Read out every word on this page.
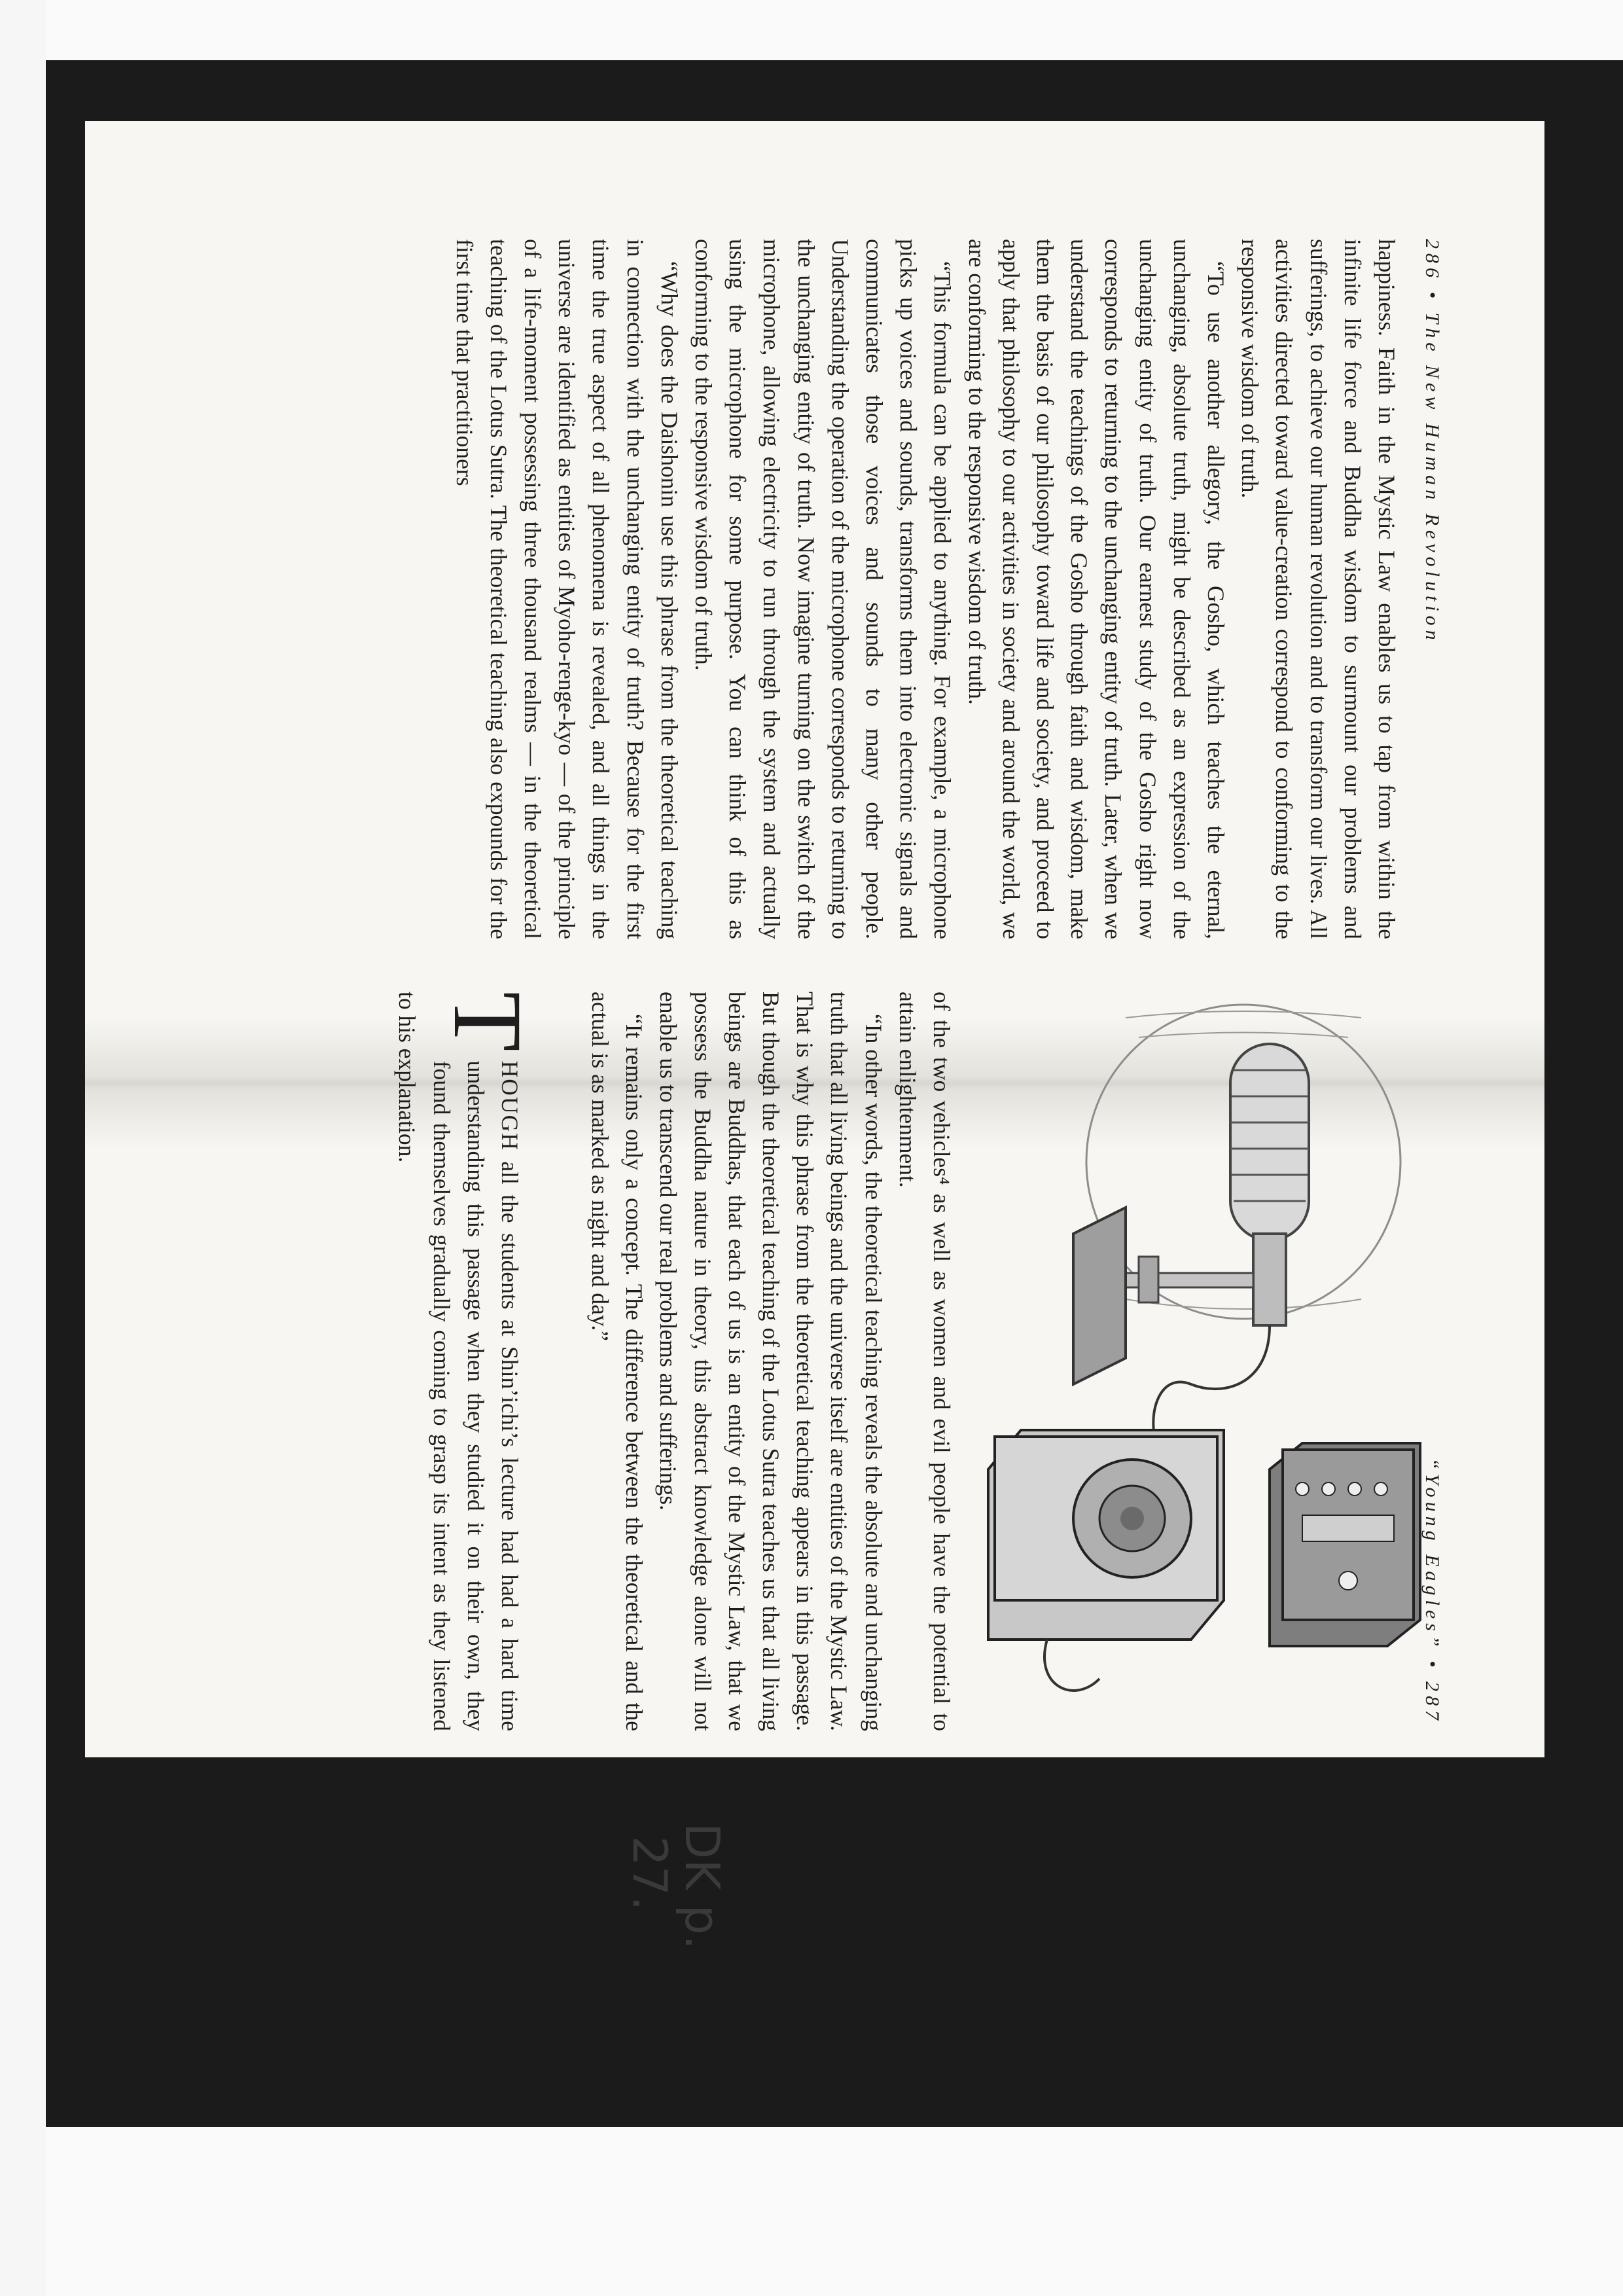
286 • The New Human Revolution

happiness. Faith in the Mystic Law enables us to tap from within the infinite life force and Buddha wisdom to surmount our problems and sufferings, to achieve our human revolution and to transform our lives. All activities directed toward value-creation correspond to conforming to the responsive wisdom of truth.

“To use another allegory, the Gosho, which teaches the eternal, unchanging, absolute truth, might be described as an expression of the unchanging entity of truth. Our earnest study of the Gosho right now corresponds to returning to the unchanging entity of truth. Later, when we understand the teachings of the Gosho through faith and wisdom, make them the basis of our philosophy toward life and society, and proceed to apply that philosophy to our activities in society and around the world, we are conforming to the responsive wisdom of truth.

“This formula can be applied to anything. For example, a microphone picks up voices and sounds, transforms them into electronic signals and communicates those voices and sounds to many other people. Understanding the operation of the microphone corresponds to returning to the unchanging entity of truth. Now imagine turning on the switch of the microphone, allowing electricity to run through the system and actually using the microphone for some purpose. You can think of this as conforming to the responsive wisdom of truth.

“Why does the Daishonin use this phrase from the theoretical teaching in connection with the unchanging entity of truth? Because for the first time the true aspect of all phenomena is revealed, and all things in the universe are identified as entities of Myoho-renge-kyo — of the principle of a life-moment possessing three thousand realms — in the theoretical teaching of the Lotus Sutra. The theoretical teaching also expounds for the first time that practitioners

“Young Eagles” • 287

of the two vehicles⁴ as well as women and evil people have the potential to attain enlightenment.

“In other words, the theoretical teaching reveals the absolute and unchanging truth that all living beings and the universe itself are entities of the Mystic Law. That is why this phrase from the theoretical teaching appears in this passage. But though the theoretical teaching of the Lotus Sutra teaches us that all living beings are Buddhas, that each of us is an entity of the Mystic Law, that we possess the Buddha nature in theory, this abstract knowledge alone will not enable us to transcend our real problems and sufferings.

“It remains only a concept. The difference between the theoretical and the actual is as marked as night and day.”

T
HOUGH all the students at Shin’ichi’s lecture had had a hard time understanding this passage when they studied it on their own, they found themselves gradually coming to grasp its intent as they listened to his explanation.

DK p.
27.
